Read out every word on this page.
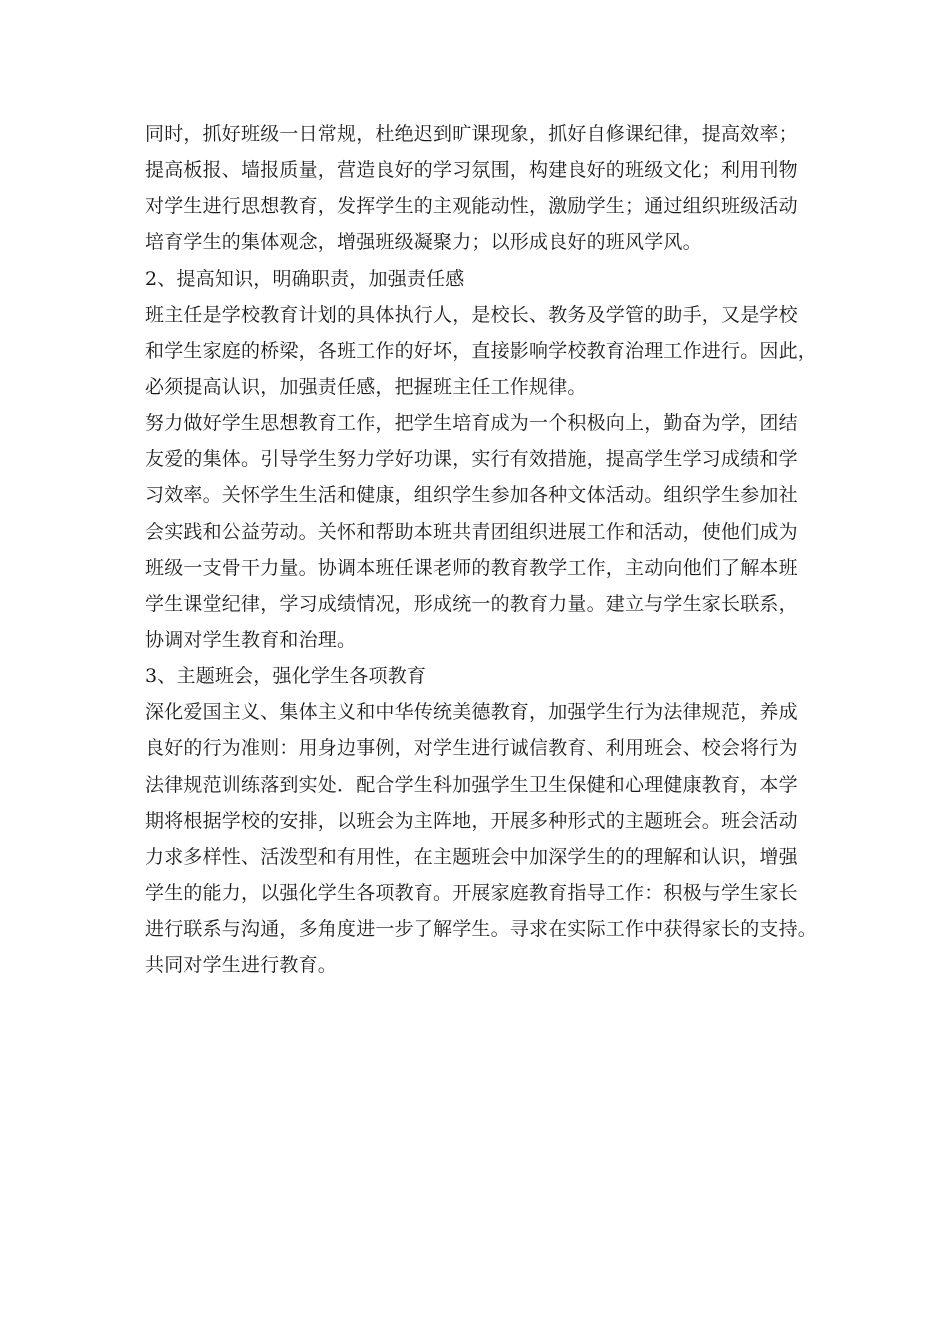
同时，抓好班级一日常规，杜绝迟到旷课现象，抓好自修课纪律，提高效率；
提高板报、墙报质量，营造良好的学习氛围，构建良好的班级文化；利用刊物
对学生进行思想教育，发挥学生的主观能动性，激励学生；通过组织班级活动
培育学生的集体观念，增强班级凝聚力；以形成良好的班风学风。
2、提高知识，明确职责，加强责任感
班主任是学校教育计划的具体执行人，是校长、教务及学管的助手，又是学校
和学生家庭的桥梁，各班工作的好坏，直接影响学校教育治理工作进行。因此，
必须提高认识，加强责任感，把握班主任工作规律。
努力做好学生思想教育工作，把学生培育成为一个积极向上，勤奋为学，团结
友爱的集体。引导学生努力学好功课，实行有效措施，提高学生学习成绩和学
习效率。关怀学生生活和健康，组织学生参加各种文体活动。组织学生参加社
会实践和公益劳动。关怀和帮助本班共青团组织进展工作和活动，使他们成为
班级一支骨干力量。协调本班任课老师的教育教学工作，主动向他们了解本班
学生课堂纪律，学习成绩情况，形成统一的教育力量。建立与学生家长联系，
协调对学生教育和治理。
3、主题班会，强化学生各项教育
深化爱国主义、集体主义和中华传统美德教育，加强学生行为法律规范，养成
良好的行为准则：用身边事例，对学生进行诚信教育、利用班会、校会将行为
法律规范训练落到实处．配合学生科加强学生卫生保健和心理健康教育，本学
期将根据学校的安排，以班会为主阵地，开展多种形式的主题班会。班会活动
力求多样性、活泼型和有用性，在主题班会中加深学生的的理解和认识，增强
学生的能力，以强化学生各项教育。开展家庭教育指导工作：积极与学生家长
进行联系与沟通，多角度进一步了解学生。寻求在实际工作中获得家长的支持。
共同对学生进行教育。
